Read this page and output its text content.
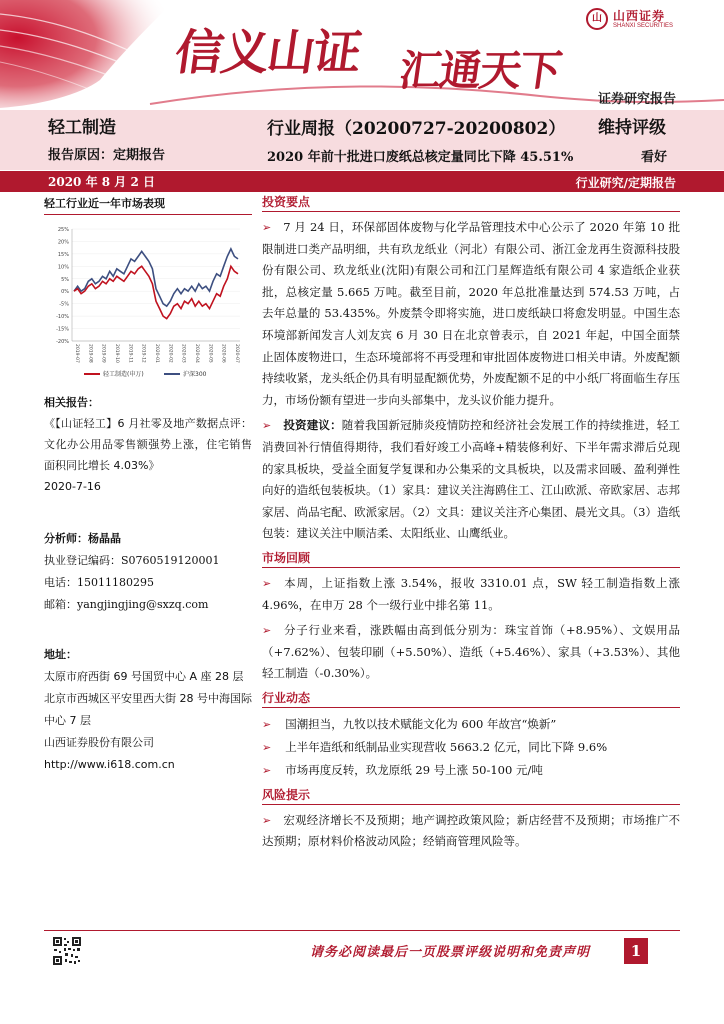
信义山证 汇通天下
山 山西证券
SHANXI SECURITIES
证券研究报告
轻工制造
报告原因：定期报告
行业周报（20200727-20200802） 维持评级
2020 年前十批进口废纸总核定量同比下降 45.51%	看好
2020 年 8 月 2 日	行业研究/定期报告
轻工行业近一年市场表现
25%
20%
15%
10%
5%
0%
-5%
-10%
-15%
-20%
2019-07 2019-08 2019-09 2019-10 2019-11 2019-12 2020-01 2020-02 2020-03 2020-04 2020-05 2020-06 2020-07
轻工制造(申万)	沪深300
相关报告：
《【山证轻工】6 月社零及地产数据点评：文化办公用品零售额强势上涨，住宅销售面积同比增长 4.03%》
2020-7-16
分析师：杨晶晶
执业登记编码：S0760519120001
电话：15011180295
邮箱：yangjingjing@sxzq.com
地址：
太原市府西街 69 号国贸中心 A 座 28 层
北京市西城区平安里西大街 28 号中海国际中心 7 层
山西证券股份有限公司
http://www.i618.com.cn
投资要点
➢ 7 月 24 日，环保部固体废物与化学品管理技术中心公示了 2020 年第 10 批限制进口类产品明细，共有玖龙纸业（河北）有限公司、浙江金龙再生资源科技股份有限公司、玖龙纸业(沈阳)有限公司和江门星辉造纸有限公司 4 家造纸企业获批，总核定量 5.665 万吨。截至目前，2020 年总批准量达到 574.53 万吨，占去年总量的 53.435%。外废禁令即将实施，进口废纸缺口将愈发明显。中国生态环境部新闻发言人刘友宾 6 月 30 日在北京曾表示，自 2021 年起，中国全面禁止固体废物进口，生态环境部将不再受理和审批固体废物进口相关申请。外废配额持续收紧，龙头纸企仍具有明显配额优势，外废配额不足的中小纸厂将面临生存压力，市场份额有望进一步向头部集中，龙头议价能力提升。
➢ 投资建议：随着我国新冠肺炎疫情防控和经济社会发展工作的持续推进，轻工消费回补行情值得期待，我们看好竣工小高峰+精装修利好、下半年需求滞后兑现的家具板块，受益全面复学复课和办公集采的文具板块，以及需求回暖、盈利弹性向好的造纸包装板块。（1）家具：建议关注海鸥住工、江山欧派、帝欧家居、志邦家居、尚品宅配、欧派家居。（2）文具：建议关注齐心集团、晨光文具。（3）造纸包装：建议关注中顺洁柔、太阳纸业、山鹰纸业。
市场回顾
➢ 本周，上证指数上涨 3.54%，报收 3310.01 点，SW 轻工制造指数上涨 4.96%，在申万 28 个一级行业中排名第 11。
➢ 分子行业来看，涨跌幅由高到低分别为：珠宝首饰（+8.95%）、文娱用品（+7.62%）、包装印刷（+5.50%）、造纸（+5.46%）、家具（+3.53%）、其他轻工制造（-0.30%）。
行业动态
➢ 国潮担当，九牧以技术赋能文化为 600 年故宫“焕新”
➢ 上半年造纸和纸制品业实现营收 5663.2 亿元，同比下降 9.6%
➢ 市场再度反转，玖龙原纸 29 号上涨 50-100 元/吨
风险提示
➢ 宏观经济增长不及预期；地产调控政策风险；新店经营不及预期；市场推广不达预期；原材料价格波动风险；经销商管理风险等。
请务必阅读最后一页股票评级说明和免责声明	1
